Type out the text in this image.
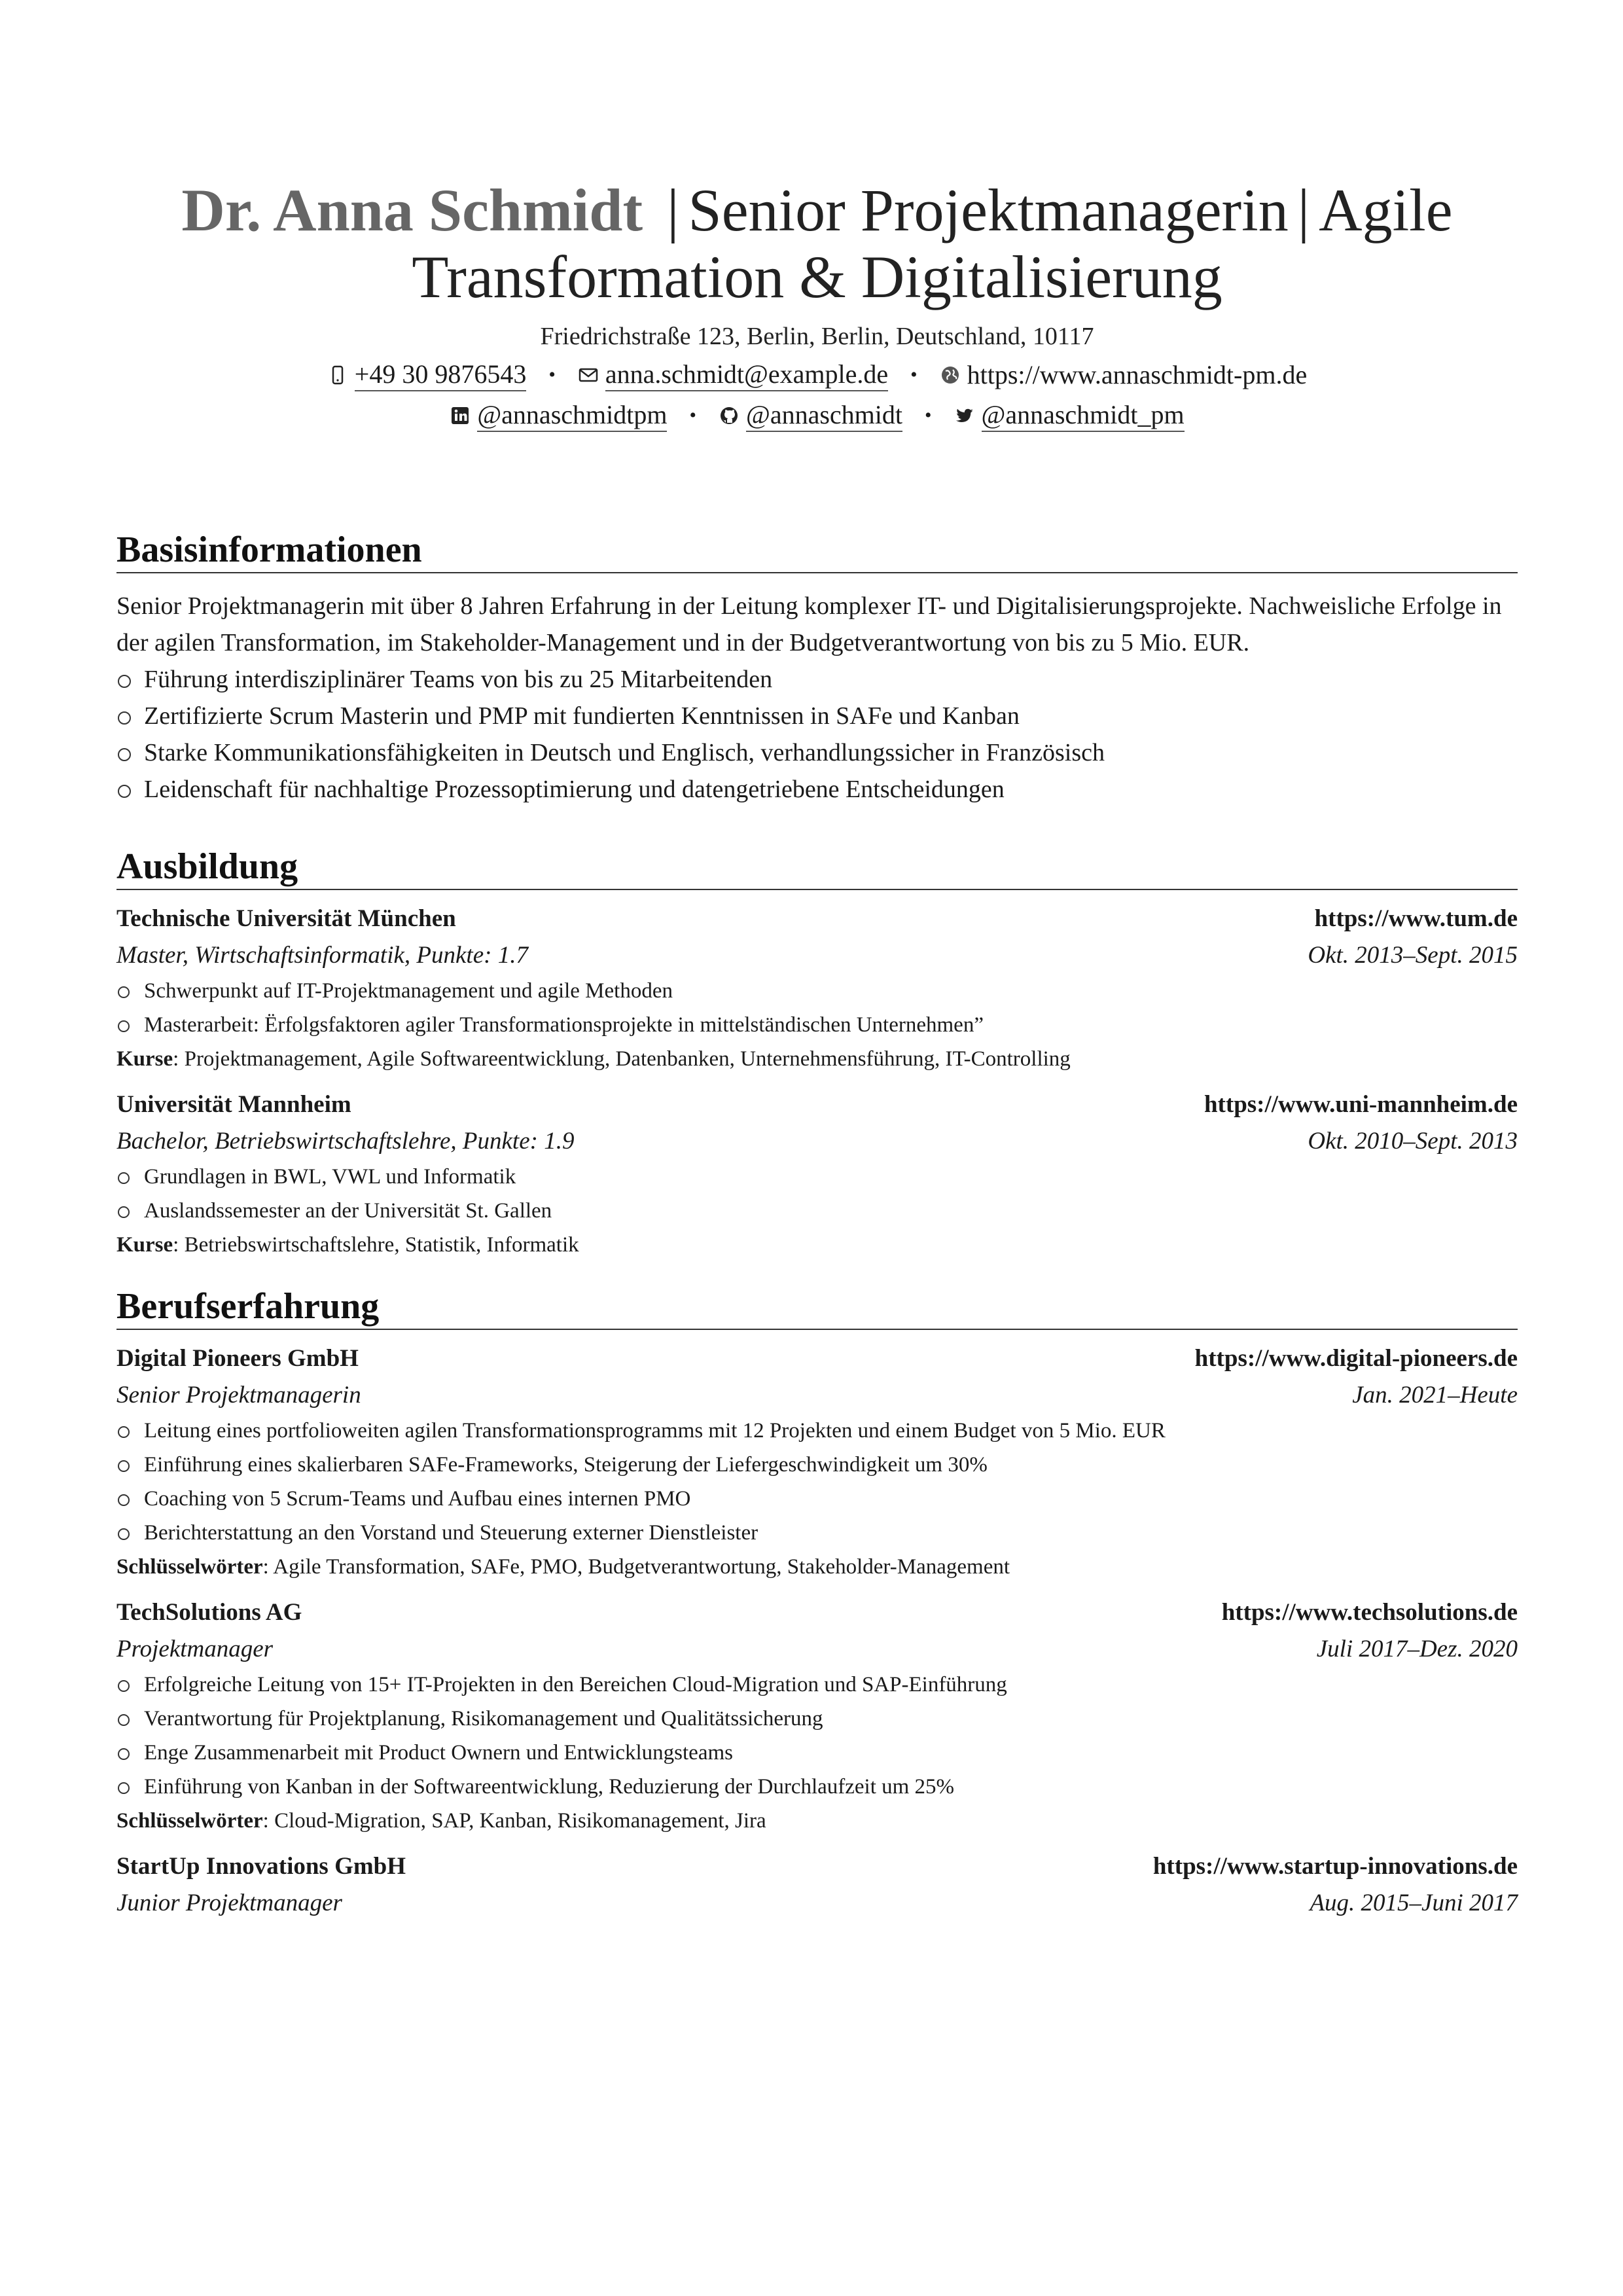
Dr. Anna Schmidt | Senior Projektmanagerin | Agile Transformation & Digitalisierung
Friedrichstraße 123, Berlin, Berlin, Deutschland, 10117
+49 30 9876543 • anna.schmidt@example.de • https://www.annaschmidt-pm.de
@annaschmidtpm • @annaschmidt • @annaschmidt_pm
Basisinformationen
Senior Projektmanagerin mit über 8 Jahren Erfahrung in der Leitung komplexer IT- und Digitalisierungsprojekte. Nachweisliche Erfolge in der agilen Transformation, im Stakeholder-Management und in der Budgetverantwortung von bis zu 5 Mio. EUR.
Führung interdisziplinärer Teams von bis zu 25 Mitarbeitenden
Zertifizierte Scrum Masterin und PMP mit fundierten Kenntnissen in SAFe und Kanban
Starke Kommunikationsfähigkeiten in Deutsch und Englisch, verhandlungssicher in Französisch
Leidenschaft für nachhaltige Prozessoptimierung und datengetriebene Entscheidungen
Ausbildung
Technische Universität München	https://www.tum.de
Master, Wirtschaftsinformatik, Punkte: 1.7	Okt. 2013–Sept. 2015
Schwerpunkt auf IT-Projektmanagement und agile Methoden
Masterarbeit: Ërfolgsfaktoren agiler Transformationsprojekte in mittelständischen Unternehmen”
Kurse: Projektmanagement, Agile Softwareentwicklung, Datenbanken, Unternehmensführung, IT-Controlling
Universität Mannheim	https://www.uni-mannheim.de
Bachelor, Betriebswirtschaftslehre, Punkte: 1.9	Okt. 2010–Sept. 2013
Grundlagen in BWL, VWL und Informatik
Auslandssemester an der Universität St. Gallen
Kurse: Betriebswirtschaftslehre, Statistik, Informatik
Berufserfahrung
Digital Pioneers GmbH	https://www.digital-pioneers.de
Senior Projektmanagerin	Jan. 2021–Heute
Leitung eines portfolioweiten agilen Transformationsprogramms mit 12 Projekten und einem Budget von 5 Mio. EUR
Einführung eines skalierbaren SAFe-Frameworks, Steigerung der Liefergeschwindigkeit um 30%
Coaching von 5 Scrum-Teams und Aufbau eines internen PMO
Berichterstattung an den Vorstand und Steuerung externer Dienstleister
Schlüsselwörter: Agile Transformation, SAFe, PMO, Budgetverantwortung, Stakeholder-Management
TechSolutions AG	https://www.techsolutions.de
Projektmanager	Juli 2017–Dez. 2020
Erfolgreiche Leitung von 15+ IT-Projekten in den Bereichen Cloud-Migration und SAP-Einführung
Verantwortung für Projektplanung, Risikomanagement und Qualitätssicherung
Enge Zusammenarbeit mit Product Ownern und Entwicklungsteams
Einführung von Kanban in der Softwareentwicklung, Reduzierung der Durchlaufzeit um 25%
Schlüsselwörter: Cloud-Migration, SAP, Kanban, Risikomanagement, Jira
StartUp Innovations GmbH	https://www.startup-innovations.de
Junior Projektmanager	Aug. 2015–Juni 2017
